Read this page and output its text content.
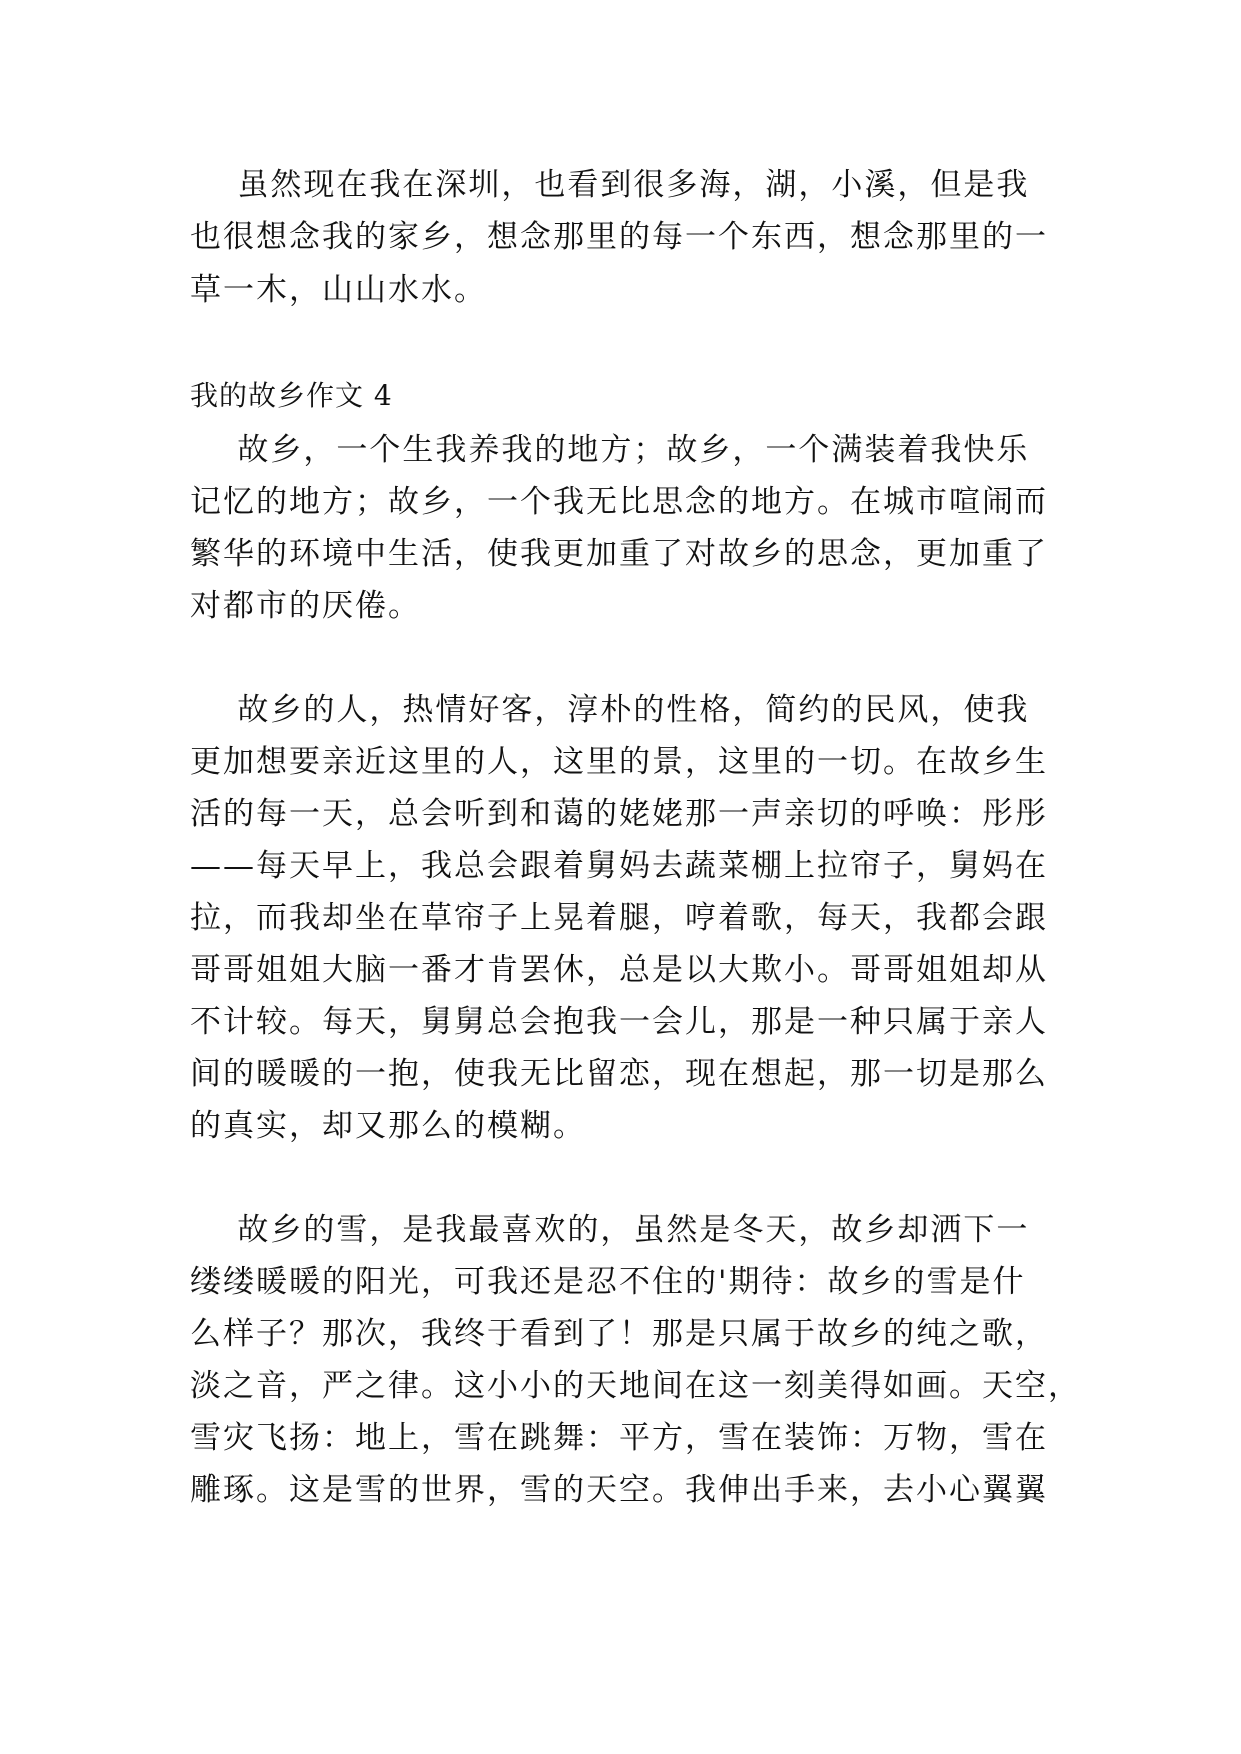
虽然现在我在深圳，也看到很多海，湖，小溪，但是我
也很想念我的家乡，想念那里的每一个东西，想念那里的一
草一木，山山水水。
我的故乡作文 4
故乡，一个生我养我的地方；故乡，一个满装着我快乐
记忆的地方；故乡，一个我无比思念的地方。在城市喧闹而
繁华的环境中生活，使我更加重了对故乡的思念，更加重了
对都市的厌倦。
故乡的人，热情好客，淳朴的性格，简约的民风，使我
更加想要亲近这里的人，这里的景，这里的一切。在故乡生
活的每一天，总会听到和蔼的姥姥那一声亲切的呼唤：彤彤
——每天早上，我总会跟着舅妈去蔬菜棚上拉帘子，舅妈在
拉，而我却坐在草帘子上晃着腿，哼着歌，每天，我都会跟
哥哥姐姐大脑一番才肯罢休，总是以大欺小。哥哥姐姐却从
不计较。每天，舅舅总会抱我一会儿，那是一种只属于亲人
间的暖暖的一抱，使我无比留恋，现在想起，那一切是那么
的真实，却又那么的模糊。
故乡的雪，是我最喜欢的，虽然是冬天，故乡却洒下一
缕缕暖暖的阳光，可我还是忍不住的'期待：故乡的雪是什
么样子？那次，我终于看到了！那是只属于故乡的纯之歌，
淡之音，严之律。这小小的天地间在这一刻美得如画。天空，
雪灾飞扬：地上，雪在跳舞：平方，雪在装饰：万物，雪在
雕琢。这是雪的世界，雪的天空。我伸出手来，去小心翼翼
